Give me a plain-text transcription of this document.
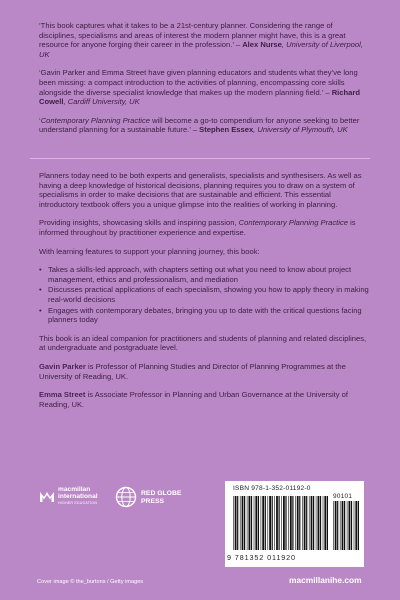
‘This book captures what it takes to be a 21st-century planner. Considering the range of disciplines, specialisms and areas of interest the modern planner might have, this is a great resource for anyone forging their career in the profession.’ – Alex Nurse, University of Liverpool, UK

‘Gavin Parker and Emma Street have given planning educators and students what they’ve long been missing: a compact introduction to the activities of planning, encompassing core skills alongside the diverse specialist knowledge that makes up the modern planning field.’ – Richard Cowell, Cardiff University, UK

‘Contemporary Planning Practice will become a go-to compendium for anyone seeking to better understand planning for a sustainable future.’ – Stephen Essex, University of Plymouth, UK

Planners today need to be both experts and generalists, specialists and synthesisers. As well as having a deep knowledge of historical decisions, planning requires you to draw on a system of specialisms in order to make decisions that are sustainable and efficient. This essential introductory textbook offers you a unique glimpse into the realities of working in planning.

Providing insights, showcasing skills and inspiring passion, Contemporary Planning Practice is informed throughout by practitioner experience and expertise.

With learning features to support your planning journey, this book:

• Takes a skills-led approach, with chapters setting out what you need to know about project management, ethics and professionalism, and mediation
• Discusses practical applications of each specialism, showing you how to apply theory in making real-world decisions
• Engages with contemporary debates, bringing you up to date with the critical questions facing planners today

This book is an ideal companion for practitioners and students of planning and related disciplines, at undergraduate and postgraduate level.

Gavin Parker is Professor of Planning Studies and Director of Planning Programmes at the University of Reading, UK.

Emma Street is Associate Professor in Planning and Urban Governance at the University of Reading, UK.

macmillan
international
HIGHER EDUCATION
RED GLOBE
PRESS
ISBN 978-1-352-01192-0
90101
9 781352 011920
Cover image © the_burtons / Getty images	macmillanihe.com
